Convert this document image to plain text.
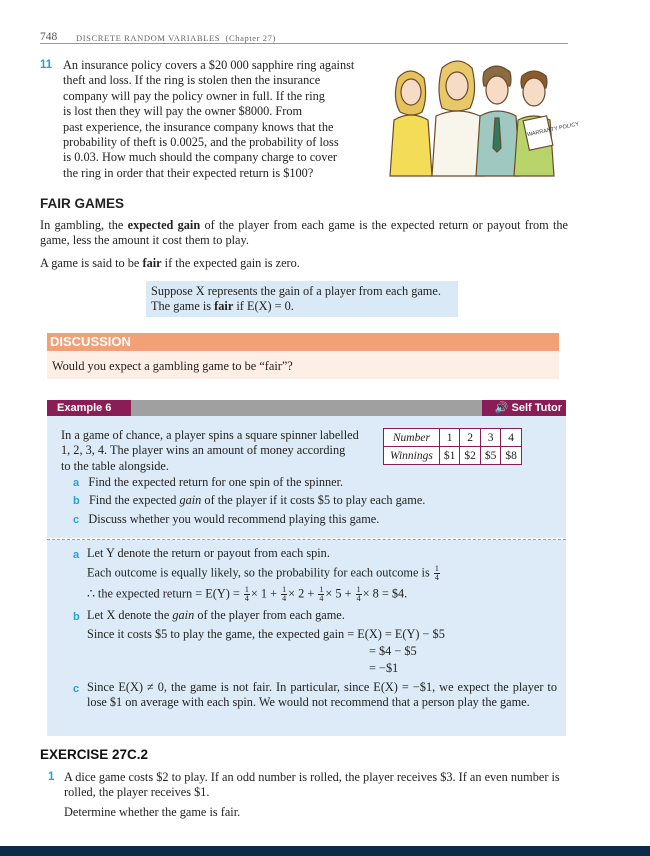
748 DISCRETE RANDOM VARIABLES (Chapter 27)
11 An insurance policy covers a $20 000 sapphire ring against
theft and loss. If the ring is stolen then the insurance
company will pay the policy owner in full. If the ring
is lost then they will pay the owner $8000. From
past experience, the insurance company knows that the
probability of theft is 0.0025, and the probability of loss
is 0.03. How much should the company charge to cover
the ring in order that their expected return is $100?
WARRANTY POLICY
FAIR GAMES
In gambling, the expected gain of the player from each game is the expected return or payout from the game, less the amount it cost them to play.
A game is said to be fair if the expected gain is zero.
Suppose X represents the gain of a player from each game.
The game is fair if E(X) = 0.
DISCUSSION
Would you expect a gambling game to be “fair”?
Example 6	🔊 Self Tutor
In a game of chance, a player spins a square spinner labelled
1, 2, 3, 4. The player wins an amount of money according
to the table alongside.
Number	1	2	3	4
Winnings	$1	$2	$5	$8
a Find the expected return for one spin of the spinner.
b Find the expected gain of the player if it costs $5 to play each game.
c Discuss whether you would recommend playing this game.
a Let Y denote the return or payout from each spin.
Each outcome is equally likely, so the probability for each outcome is $\frac{1}{4}$
∴ the expected return = $E(Y) = \frac{1}{4} \times 1 + \frac{1}{4} \times 2 + \frac{1}{4} \times 5 + \frac{1}{4} \times 8$ = $4.
b Let X denote the gain of the player from each game.
Since it costs $5 to play the game, the expected gain = E(X) = E(Y) − $5
= $4 − $5
= −$1
c Since E(X) ≠ 0, the game is not fair. In particular, since E(X) = −$1, we expect the player to lose $1 on average with each spin. We would not recommend that a person play the game.
EXERCISE 27C.2
1 A dice game costs $2 to play. If an odd number is rolled, the player receives $3. If an even number is rolled, the player receives $1.
Determine whether the game is fair.
